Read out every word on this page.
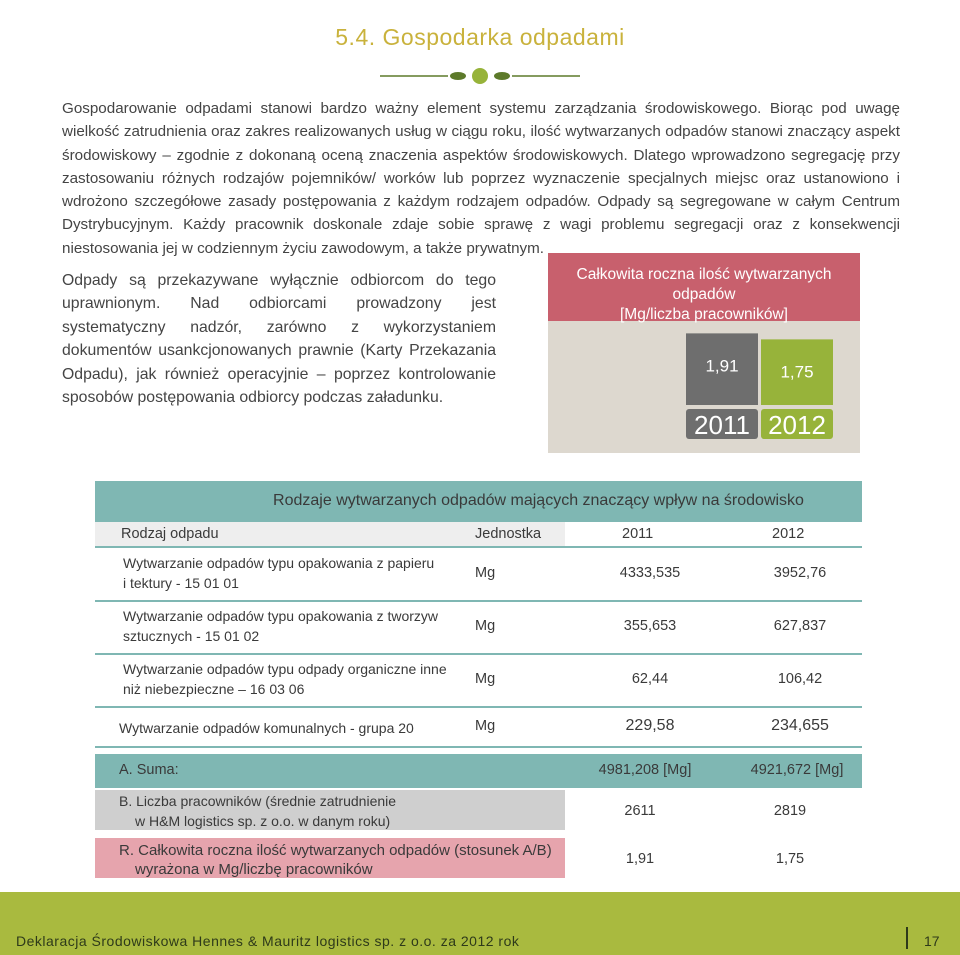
5.4. Gospodarka odpadami
Gospodarowanie odpadami stanowi bardzo ważny element systemu zarządzania środowiskowego. Biorąc pod uwagę wielkość zatrudnienia oraz zakres realizowanych usług w ciągu roku, ilość wytwarzanych odpadów stanowi znaczący aspekt środowiskowy – zgodnie z dokonaną oceną znaczenia aspektów środowiskowych. Dlatego wprowadzono segregację przy zastosowaniu różnych rodzajów pojemników/ worków lub poprzez wyznaczenie specjalnych miejsc oraz ustanowiono i wdrożono szczegółowe zasady postępowania z każdym rodzajem odpadów. Odpady są segregowane w całym Centrum Dystrybucyjnym. Każdy pracownik doskonale zdaje sobie sprawę z wagi problemu segregacji oraz z konsekwencji niestosowania jej w codziennym życiu zawodowym, a także prywatnym.
Odpady są przekazywane wyłącznie odbiorcom do tego uprawnionym. Nad odbiorcami prowadzony jest systematyczny nadzór, zarówno z wykorzystaniem dokumentów usankcjonowanych prawnie (Karty Przekazania Odpadu), jak również operacyjnie – poprzez kontrolowanie sposobów postępowania odbiorcy podczas załadunku.
Całkowita roczna ilość wytwarzanych odpadów
[Mg/liczba pracowników]
1,91
2011
1,75
2012
Rodzaje wytwarzanych odpadów mających znaczący wpływ na środowisko
Rodzaj odpadu	Jednostka	2011	2012
Wytwarzanie odpadów typu opakowania z papieru
i tektury - 15 01 01
Mg	4333,535	3952,76
Wytwarzanie odpadów typu opakowania z tworzyw
sztucznych - 15 01 02
Mg	355,653	627,837
Wytwarzanie odpadów typu odpady organiczne inne
niż niebezpieczne – 16 03 06
Mg	62,44	106,42
Wytwarzanie odpadów komunalnych - grupa 20	Mg	229,58	234,655
A. Suma:	4981,208 [Mg]	4921,672 [Mg]
B. Liczba pracowników (średnie zatrudnienie
w H&M logistics sp. z o.o. w danym roku)
2611	2819
R. Całkowita roczna ilość wytwarzanych odpadów (stosunek A/B)
wyrażona w Mg/liczbę pracowników
1,91	1,75
Deklaracja Środowiskowa Hennes & Mauritz logistics sp. z o.o. za 2012 rok	17
